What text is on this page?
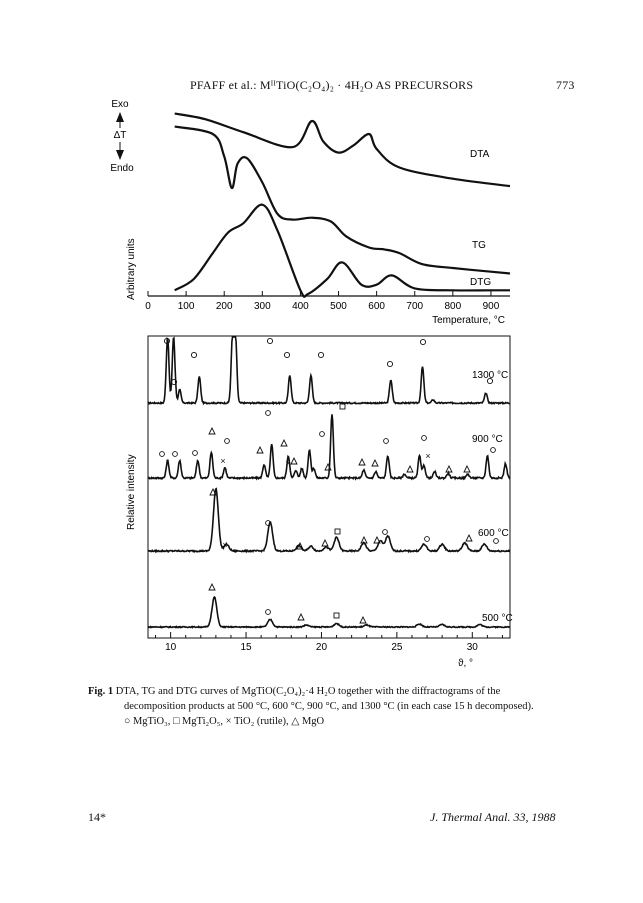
PFAFF et al.: MᴵᴵTiO(C₂O₄)₂ · 4H₂O AS PRECURSORS	773
Exo
ΔT
Endo
Arbitrary units
0	100 200 300 400 500 600 700 800 900
Temperature, °C
DTA
TG
DTG
Relative intensity
10	15	20	25	30
ϑ, °
1300 °C
900 °C
600 °C
500 °C
×	×
×
×
Fig. 1 DTA, TG and DTG curves of MgTiO(C₂O₄)₂·4 H₂O together with the diffractograms of the
decomposition products at 500 °C, 600 °C, 900 °C, and 1300 °C (in each case 15 h decomposed).
○ MgTiO₃, □ MgTi₂O₅, × TiO₂ (rutile), △ MgO
14*	J. Thermal Anal. 33, 1988
